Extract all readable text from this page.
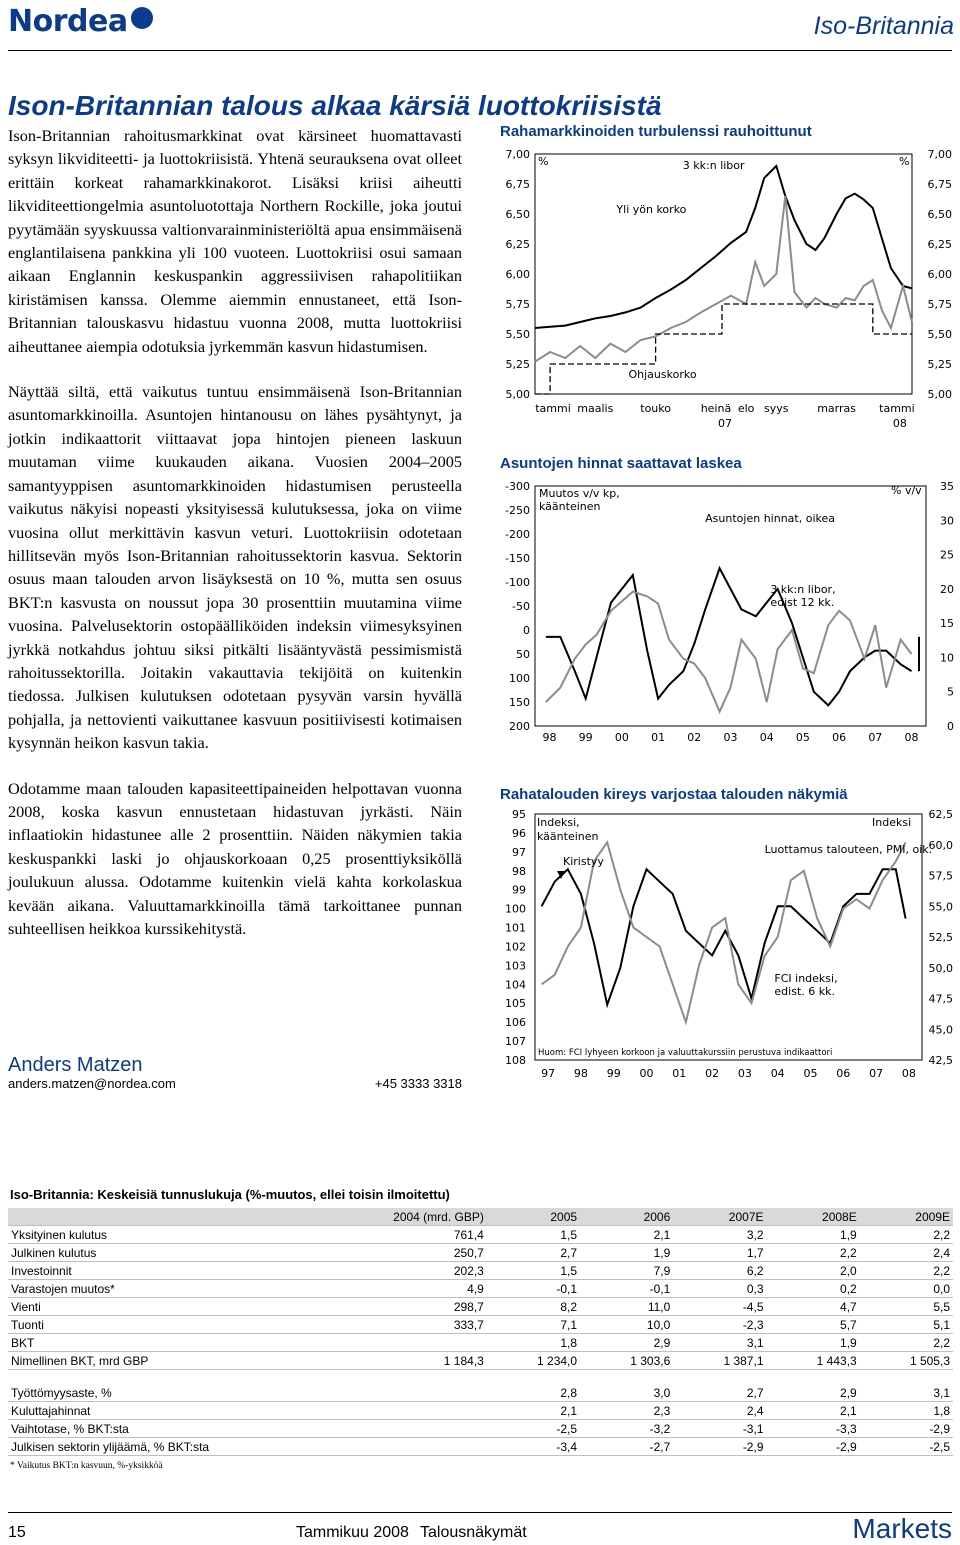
Nordea	Iso-Britannia
Ison-Britannian talous alkaa kärsiä luottokriisistä

Ison-Britannian rahoitusmarkkinat ovat kärsineet huomattavasti syksyn likviditeetti- ja luottokriisistä. Yhtenä seurauksena ovat olleet erittäin korkeat rahamarkkinakorot. Lisäksi kriisi aiheutti likviditeettiongelmia asuntoluotottaja Northern Rockille, joka joutui pyytämään syyskuussa valtionvarainministeriöltä apua ensimmäisenä englantilaisena pankkina yli 100 vuoteen. Luottokriisi osui samaan aikaan Englannin keskuspankin aggressiivisen rahapolitiikan kiristämisen kanssa. Olemme aiemmin ennustaneet, että Ison-Britannian talouskasvu hidastuu vuonna 2008, mutta luottokriisi aiheuttanee aiempia odotuksia jyrkemmän kasvun hidastumisen.

Näyttää siltä, että vaikutus tuntuu ensimmäisenä Ison-Britannian asuntomarkkinoilla. Asuntojen hintanousu on lähes pysähtynyt, ja jotkin indikaattorit viittaavat jopa hintojen pieneen laskuun muutaman viime kuukauden aikana. Vuosien 2004–2005 samantyyppisen asuntomarkkinoiden hidastumisen perusteella vaikutus näkyisi nopeasti yksityisessä kulutuksessa, joka on viime vuosina ollut merkittävin kasvun veturi. Luottokriisin odotetaan hillitsevän myös Ison-Britannian rahoitussektorin kasvua. Sektorin osuus maan talouden arvon lisäyksestä on 10 %, mutta sen osuus BKT:n kasvusta on noussut jopa 30 prosenttiin muutamina viime vuosina. Palvelusektorin ostopäälliköiden indeksin viimesyksyinen jyrkkä notkahdus johtuu siksi pitkälti lisääntyvästä pessimismistä rahoitussektorilla. Joitakin vakauttavia tekijöitä on kuitenkin tiedossa. Julkisen kulutuksen odotetaan pysyvän varsin hyvällä pohjalla, ja nettovienti vaikuttanee kasvuun positiivisesti kotimaisen kysynnän heikon kasvun takia.

Odotamme maan talouden kapasiteettipaineiden helpottavan vuonna 2008, koska kasvun ennustetaan hidastuvan jyrkästi. Näin inflaatiokin hidastunee alle 2 prosenttiin. Näiden näkymien takia keskuspankki laski jo ohjauskorkoaan 0,25 prosenttiyksiköllä joulukuun alussa. Odotamme kuitenkin vielä kahta korkolaskua kevään aikana. Valuuttamarkkinoilla tämä tarkoittanee punnan suhteellisen heikkoa kurssikehitystä.

Anders Matzen
anders.matzen@nordea.com	+45 3333 3318
Rahamarkkinoiden turbulenssi rauhoittunut
7,00	7,00
6,75	6,75
6,50	6,50
6,25	6,25
6,00	6,00
5,75	5,75
5,50	5,50
5,25	5,25
5,00	5,00
%	%
tammi maalis touko	heinä elo syys	marras tammi
07	08
3 kk:n libor
Yli yön korko
Ohjauskorko
Asuntojen hinnat saattavat laskea
-300
-250
-200
-150
-100
-50
0
50
100
150
200
35
30
25
20
15
10
5
0
98 99 00 01 02 03 04 05 06 07 08
Muutos v/v kp,
käänteinen
% v/v
Asuntojen hinnat, oikea
3 kk:n libor,
edist 12 kk.
Rahatalouden kireys varjostaa talouden näkymiä
95
96
97
98
99
100
101
102
103
104
105
106
107
108
62,5
60,0
57,5
55,0
52,5
50,0
47,5
45,0
42,5
97 98 99 00 01 02 03 04 05 06 07 08
Indeksi,
käänteinen
Indeksi
Kiristyy
Luottamus talouteen, PMI, oik.
FCI indeksi,
edist. 6 kk.
Huom: FCI lyhyeen korkoon ja valuuttakurssiin perustuva indikaattori
Iso-Britannia: Keskeisiä tunnuslukuja (%-muutos, ellei toisin ilmoitettu)
	2004 (mrd. GBP)	2005	2006	2007E	2008E	2009E
Yksityinen kulutus	761,4	1,5	2,1	3,2	1,9	2,2
Julkinen kulutus	250,7	2,7	1,9	1,7	2,2	2,4
Investoinnit	202,3	1,5	7,9	6,2	2,0	2,2
Varastojen muutos*	4,9	-0,1	-0,1	0,3	0,2	0,0
Vienti	298,7	8,2	11,0	-4,5	4,7	5,5
Tuonti	333,7	7,1	10,0	-2,3	5,7	5,1
BKT		1,8	2,9	3,1	1,9	2,2
Nimellinen BKT, mrd GBP	1 184,3	1 234,0	1 303,6	1 387,1	1 443,3	1 505,3

Työttömyysaste, %		2,8	3,0	2,7	2,9	3,1
Kuluttajahinnat		2,1	2,3	2,4	2,1	1,8
Vaihtotase, % BKT:sta		-2,5	-3,2	-3,1	-3,3	-2,9
Julkisen sektorin ylijäämä, % BKT:sta		-3,4	-2,7	-2,9	-2,9	-2,5
* Vaikutus BKT:n kasvuun, %-yksikköä
15	Tammikuu 2008 Talousnäkymät	Markets
